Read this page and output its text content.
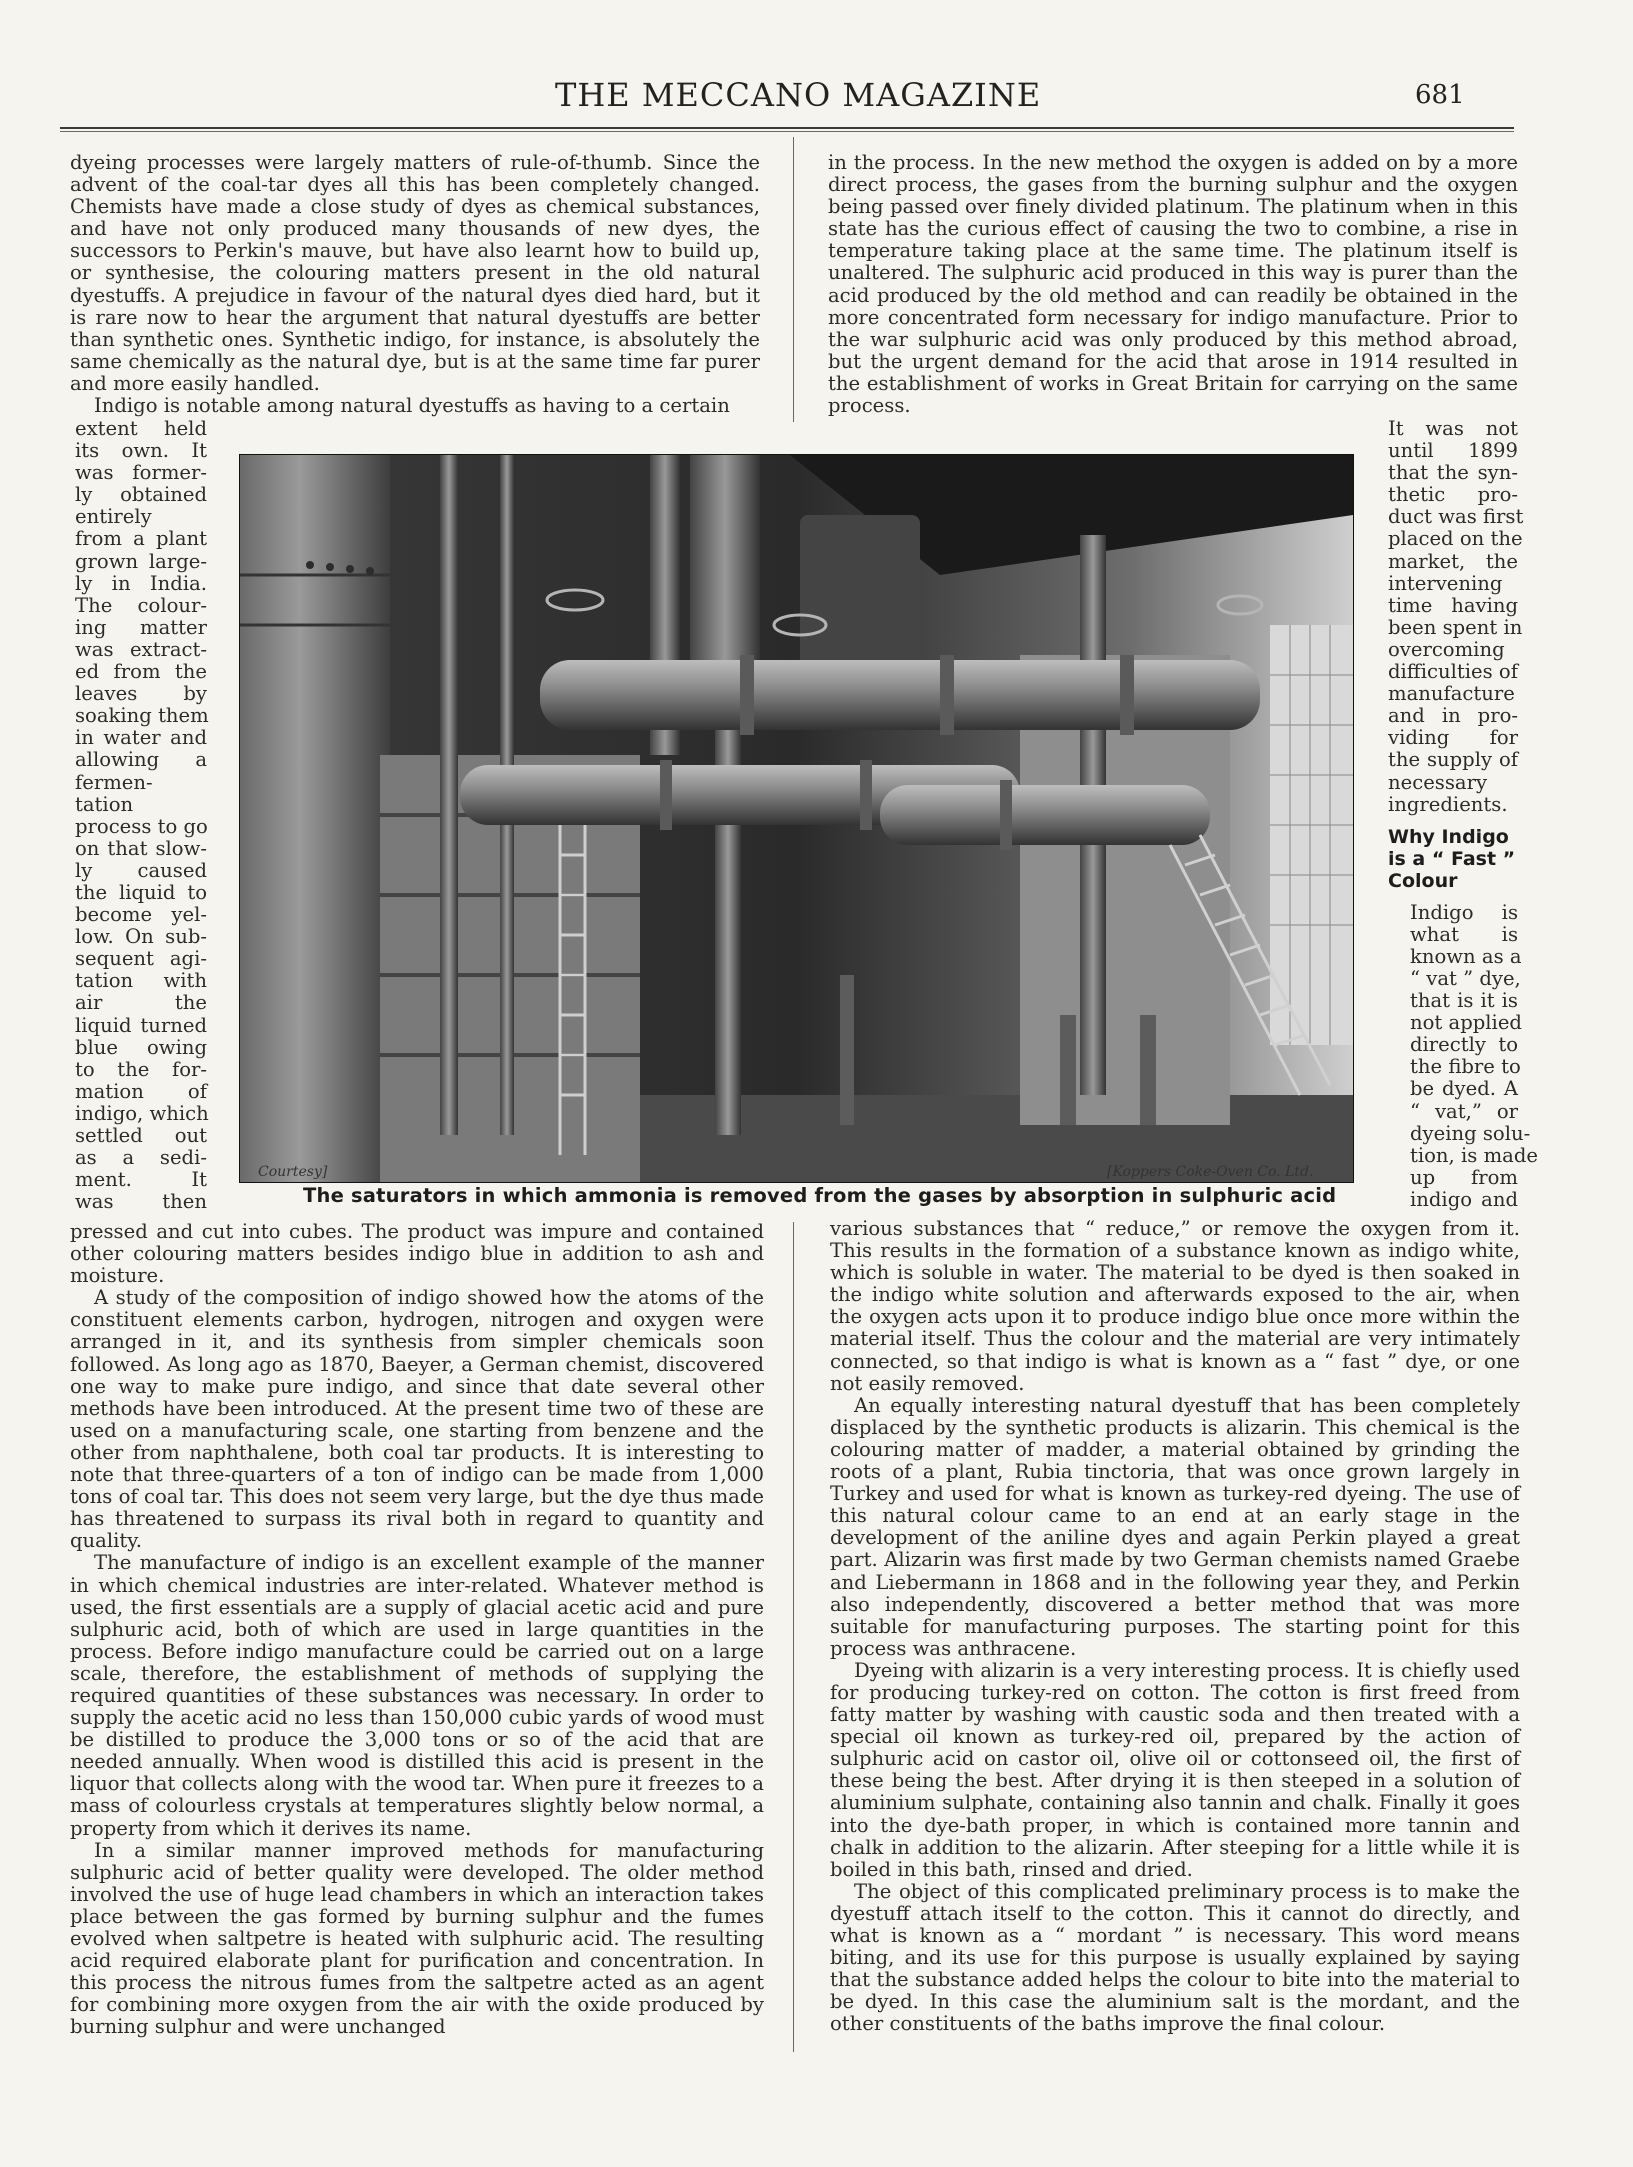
THE MECCANO MAGAZINE	681

dyeing processes were largely matters of rule-of-thumb. Since the advent of the coal-tar dyes all this has been completely changed. Chemists have made a close study of dyes as chemical substances, and have not only produced many thousands of new dyes, the successors to Perkin's mauve, but have also learnt how to build up, or synthesise, the colouring matters present in the old natural dyestuffs. A prejudice in favour of the natural dyes died hard, but it is rare now to hear the argument that natural dyestuffs are better than synthetic ones. Synthetic indigo, for instance, is absolutely the same chemically as the natural dye, but is at the same time far purer and more easily handled.

Indigo is notable among natural dyestuffs as having to a certain

extent held
its own. It
was former-
ly obtained
entirely
from a plant
grown large-
ly in India.
The colour-
ing matter
was extract-
ed from the
leaves by
soaking them
in water and
allowing a
fermen-
tation
process to go
on that slow-
ly caused
the liquid to
become yel-
low. On sub-
sequent agi-
tation with
air the
liquid turned
blue owing
to the for-
mation of
indigo, which
settled out
as a sedi-
ment. It
was then

in the process. In the new method the oxygen is added on by a more direct process, the gases from the burning sulphur and the oxygen being passed over finely divided platinum. The platinum when in this state has the curious effect of causing the two to combine, a rise in temperature taking place at the same time. The platinum itself is unaltered. The sulphuric acid produced in this way is purer than the acid produced by the old method and can readily be obtained in the more concentrated form necessary for indigo manufacture. Prior to the war sulphuric acid was only produced by this method abroad, but the urgent demand for the acid that arose in 1914 resulted in the establishment of works in Great Britain for carrying on the same process.

It was not
until 1899
that the syn-
thetic pro-
duct was first
placed on the
market, the
intervening
time having
been spent in
overcoming
difficulties of
manufacture
and in pro-
viding for
the supply of
necessary
ingredients.
Why Indigo
is a “ Fast ”
Colour
Indigo is
what is
known as a
“ vat ” dye,
that is it is
not applied
directly to
the fibre to
be dyed. A
“ vat,” or
dyeing solu-
tion, is made
up from
indigo and
Courtesy]	[Koppers Coke-Oven Co. Ltd.
The saturators in which ammonia is removed from the gases by absorption in sulphuric acid

pressed and cut into cubes. The product was impure and contained other colouring matters besides indigo blue in addition to ash and moisture.

A study of the composition of indigo showed how the atoms of the constituent elements carbon, hydrogen, nitrogen and oxygen were arranged in it, and its synthesis from simpler chemicals soon followed. As long ago as 1870, Baeyer, a German chemist, discovered one way to make pure indigo, and since that date several other methods have been introduced. At the present time two of these are used on a manufacturing scale, one starting from benzene and the other from naphthalene, both coal tar products. It is interesting to note that three-quarters of a ton of indigo can be made from 1,000 tons of coal tar. This does not seem very large, but the dye thus made has threatened to surpass its rival both in regard to quantity and quality.

The manufacture of indigo is an excellent example of the manner in which chemical industries are inter-related. Whatever method is used, the first essentials are a supply of glacial acetic acid and pure sulphuric acid, both of which are used in large quantities in the process. Before indigo manufacture could be carried out on a large scale, therefore, the establishment of methods of supplying the required quantities of these substances was necessary. In order to supply the acetic acid no less than 150,000 cubic yards of wood must be distilled to produce the 3,000 tons or so of the acid that are needed annually. When wood is distilled this acid is present in the liquor that collects along with the wood tar. When pure it freezes to a mass of colourless crystals at temperatures slightly below normal, a property from which it derives its name.

In a similar manner improved methods for manufacturing sulphuric acid of better quality were developed. The older method involved the use of huge lead chambers in which an interaction takes place between the gas formed by burning sulphur and the fumes evolved when saltpetre is heated with sulphuric acid. The resulting acid required elaborate plant for purification and concentration. In this process the nitrous fumes from the saltpetre acted as an agent for combining more oxygen from the air with the oxide produced by burning sulphur and were unchanged

various substances that “ reduce,” or remove the oxygen from it. This results in the formation of a substance known as indigo white, which is soluble in water. The material to be dyed is then soaked in the indigo white solution and afterwards exposed to the air, when the oxygen acts upon it to produce indigo blue once more within the material itself. Thus the colour and the material are very intimately connected, so that indigo is what is known as a “ fast ” dye, or one not easily removed.

An equally interesting natural dyestuff that has been completely displaced by the synthetic products is alizarin. This chemical is the colouring matter of madder, a material obtained by grinding the roots of a plant, Rubia tinctoria, that was once grown largely in Turkey and used for what is known as turkey-red dyeing. The use of this natural colour came to an end at an early stage in the development of the aniline dyes and again Perkin played a great part. Alizarin was first made by two German chemists named Graebe and Liebermann in 1868 and in the following year they, and Perkin also independently, discovered a better method that was more suitable for manufacturing purposes. The starting point for this process was anthracene.

Dyeing with alizarin is a very interesting process. It is chiefly used for producing turkey-red on cotton. The cotton is first freed from fatty matter by washing with caustic soda and then treated with a special oil known as turkey-red oil, prepared by the action of sulphuric acid on castor oil, olive oil or cottonseed oil, the first of these being the best. After drying it is then steeped in a solution of aluminium sulphate, containing also tannin and chalk. Finally it goes into the dye-bath proper, in which is contained more tannin and chalk in addition to the alizarin. After steeping for a little while it is boiled in this bath, rinsed and dried.

The object of this complicated preliminary process is to make the dyestuff attach itself to the cotton. This it cannot do directly, and what is known as a “ mordant ” is necessary. This word means biting, and its use for this purpose is usually explained by saying that the substance added helps the colour to bite into the material to be dyed. In this case the aluminium salt is the mordant, and the other constituents of the baths improve the final colour.
